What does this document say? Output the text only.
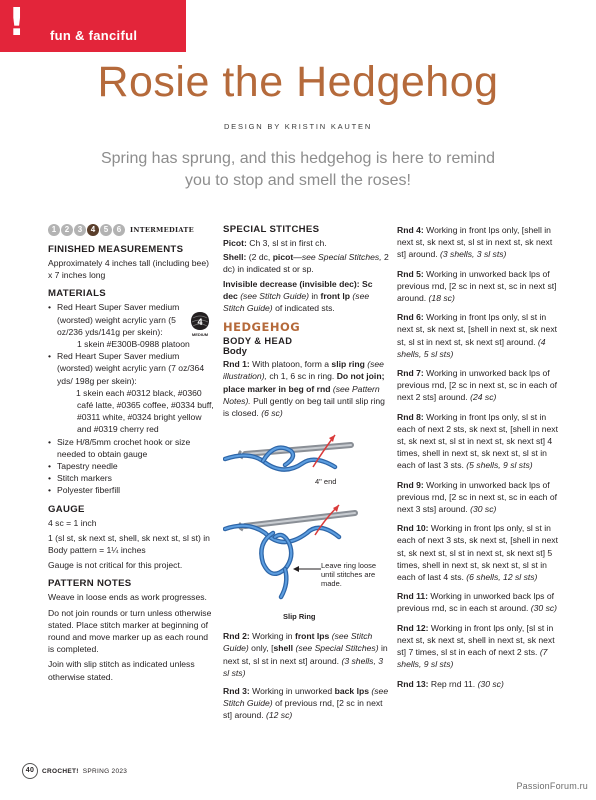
! fun & fanciful
Rosie the Hedgehog
DESIGN BY KRISTIN KAUTEN
Spring has sprung, and this hedgehog is here to remind you to stop and smell the roses!
1	2	3	4	5	6	INTERMEDIATE
FINISHED MEASUREMENTS

Approximately 4 inches tall (including bee) x 7 inches long

MATERIALS
4
MEDIUM
• Red Heart Super Saver medium (worsted) weight acrylic yarn (5 oz/236 yds/141g per skein):
1 skein #E300B-0988 platoon
• Red Heart Super Saver medium (worsted) weight acrylic yarn (7 oz/364 yds/ 198g per skein):
1 skein each #0312 black, #0360 café latte, #0365 coffee, #0334 buff, #0311 white, #0324 bright yellow and #0319 cherry red
• Size H/8/5mm crochet hook or size needed to obtain gauge
• Tapestry needle
• Stitch markers
• Polyester fiberfill
GAUGE

4 sc = 1 inch

1 (sl st, sk next st, shell, sk next st, sl st) in Body pattern = 1¼ inches

Gauge is not critical for this project.

PATTERN NOTES

Weave in loose ends as work progresses.

Do not join rounds or turn unless otherwise stated. Place stitch marker at beginning of round and move marker up as each round is completed.

Join with slip stitch as indicated unless otherwise stated.

SPECIAL STITCHES

Picot: Ch 3, sl st in first ch.

Shell: (2 dc, picot—see Special Stitches, 2 dc) in indicated st or sp.

Invisible decrease (invisible dec): Sc dec (see Stitch Guide) in front lp (see Stitch Guide) of indicated sts.

HEDGEHOG
BODY & HEAD
Body

Rnd 1: With platoon, form a slip ring (see illustration), ch 1, 6 sc in ring. Do not join; place marker in beg of rnd (see Pattern Notes). Pull gently on beg tail until slip ring is closed. (6 sc)

4" end
Leave ring loose until stitches are made.
Slip Ring

Rnd 2: Working in front lps (see Stitch Guide) only, [shell (see Special Stitches) in next st, sl st in next st] around. (3 shells, 3 sl sts)

Rnd 3: Working in unworked back lps (see Stitch Guide) of previous rnd, [2 sc in next st] around. (12 sc)

Rnd 4: Working in front lps only, [shell in next st, sk next st, sl st in next st, sk next st] around. (3 shells, 3 sl sts)

Rnd 5: Working in unworked back lps of previous rnd, [2 sc in next st, sc in next st] around. (18 sc)

Rnd 6: Working in front lps only, sl st in next st, sk next st, [shell in next st, sk next st, sl st in next st, sk next st] around. (4 shells, 5 sl sts)

Rnd 7: Working in unworked back lps of previous rnd, [2 sc in next st, sc in each of next 2 sts] around. (24 sc)

Rnd 8: Working in front lps only, sl st in each of next 2 sts, sk next st, [shell in next st, sk next st, sl st in next st, sk next st] 4 times, shell in next st, sk next st, sl st in each of last 3 sts. (5 shells, 9 sl sts)

Rnd 9: Working in unworked back lps of previous rnd, [2 sc in next st, sc in each of next 3 sts] around. (30 sc)

Rnd 10: Working in front lps only, sl st in each of next 3 sts, sk next st, [shell in next st, sk next st, sl st in next st, sk next st] 5 times, shell in next st, sk next st, sl st in each of last 4 sts. (6 shells, 12 sl sts)

Rnd 11: Working in unworked back lps of previous rnd, sc in each st around. (30 sc)

Rnd 12: Working in front lps only, [sl st in next st, sk next st, shell in next st, sk next st] 7 times, sl st in each of next 2 sts. (7 shells, 9 sl sts)

Rnd 13: Rep rnd 11. (30 sc)

40	CROCHET! SPRING 2023
PassionForum.ru
